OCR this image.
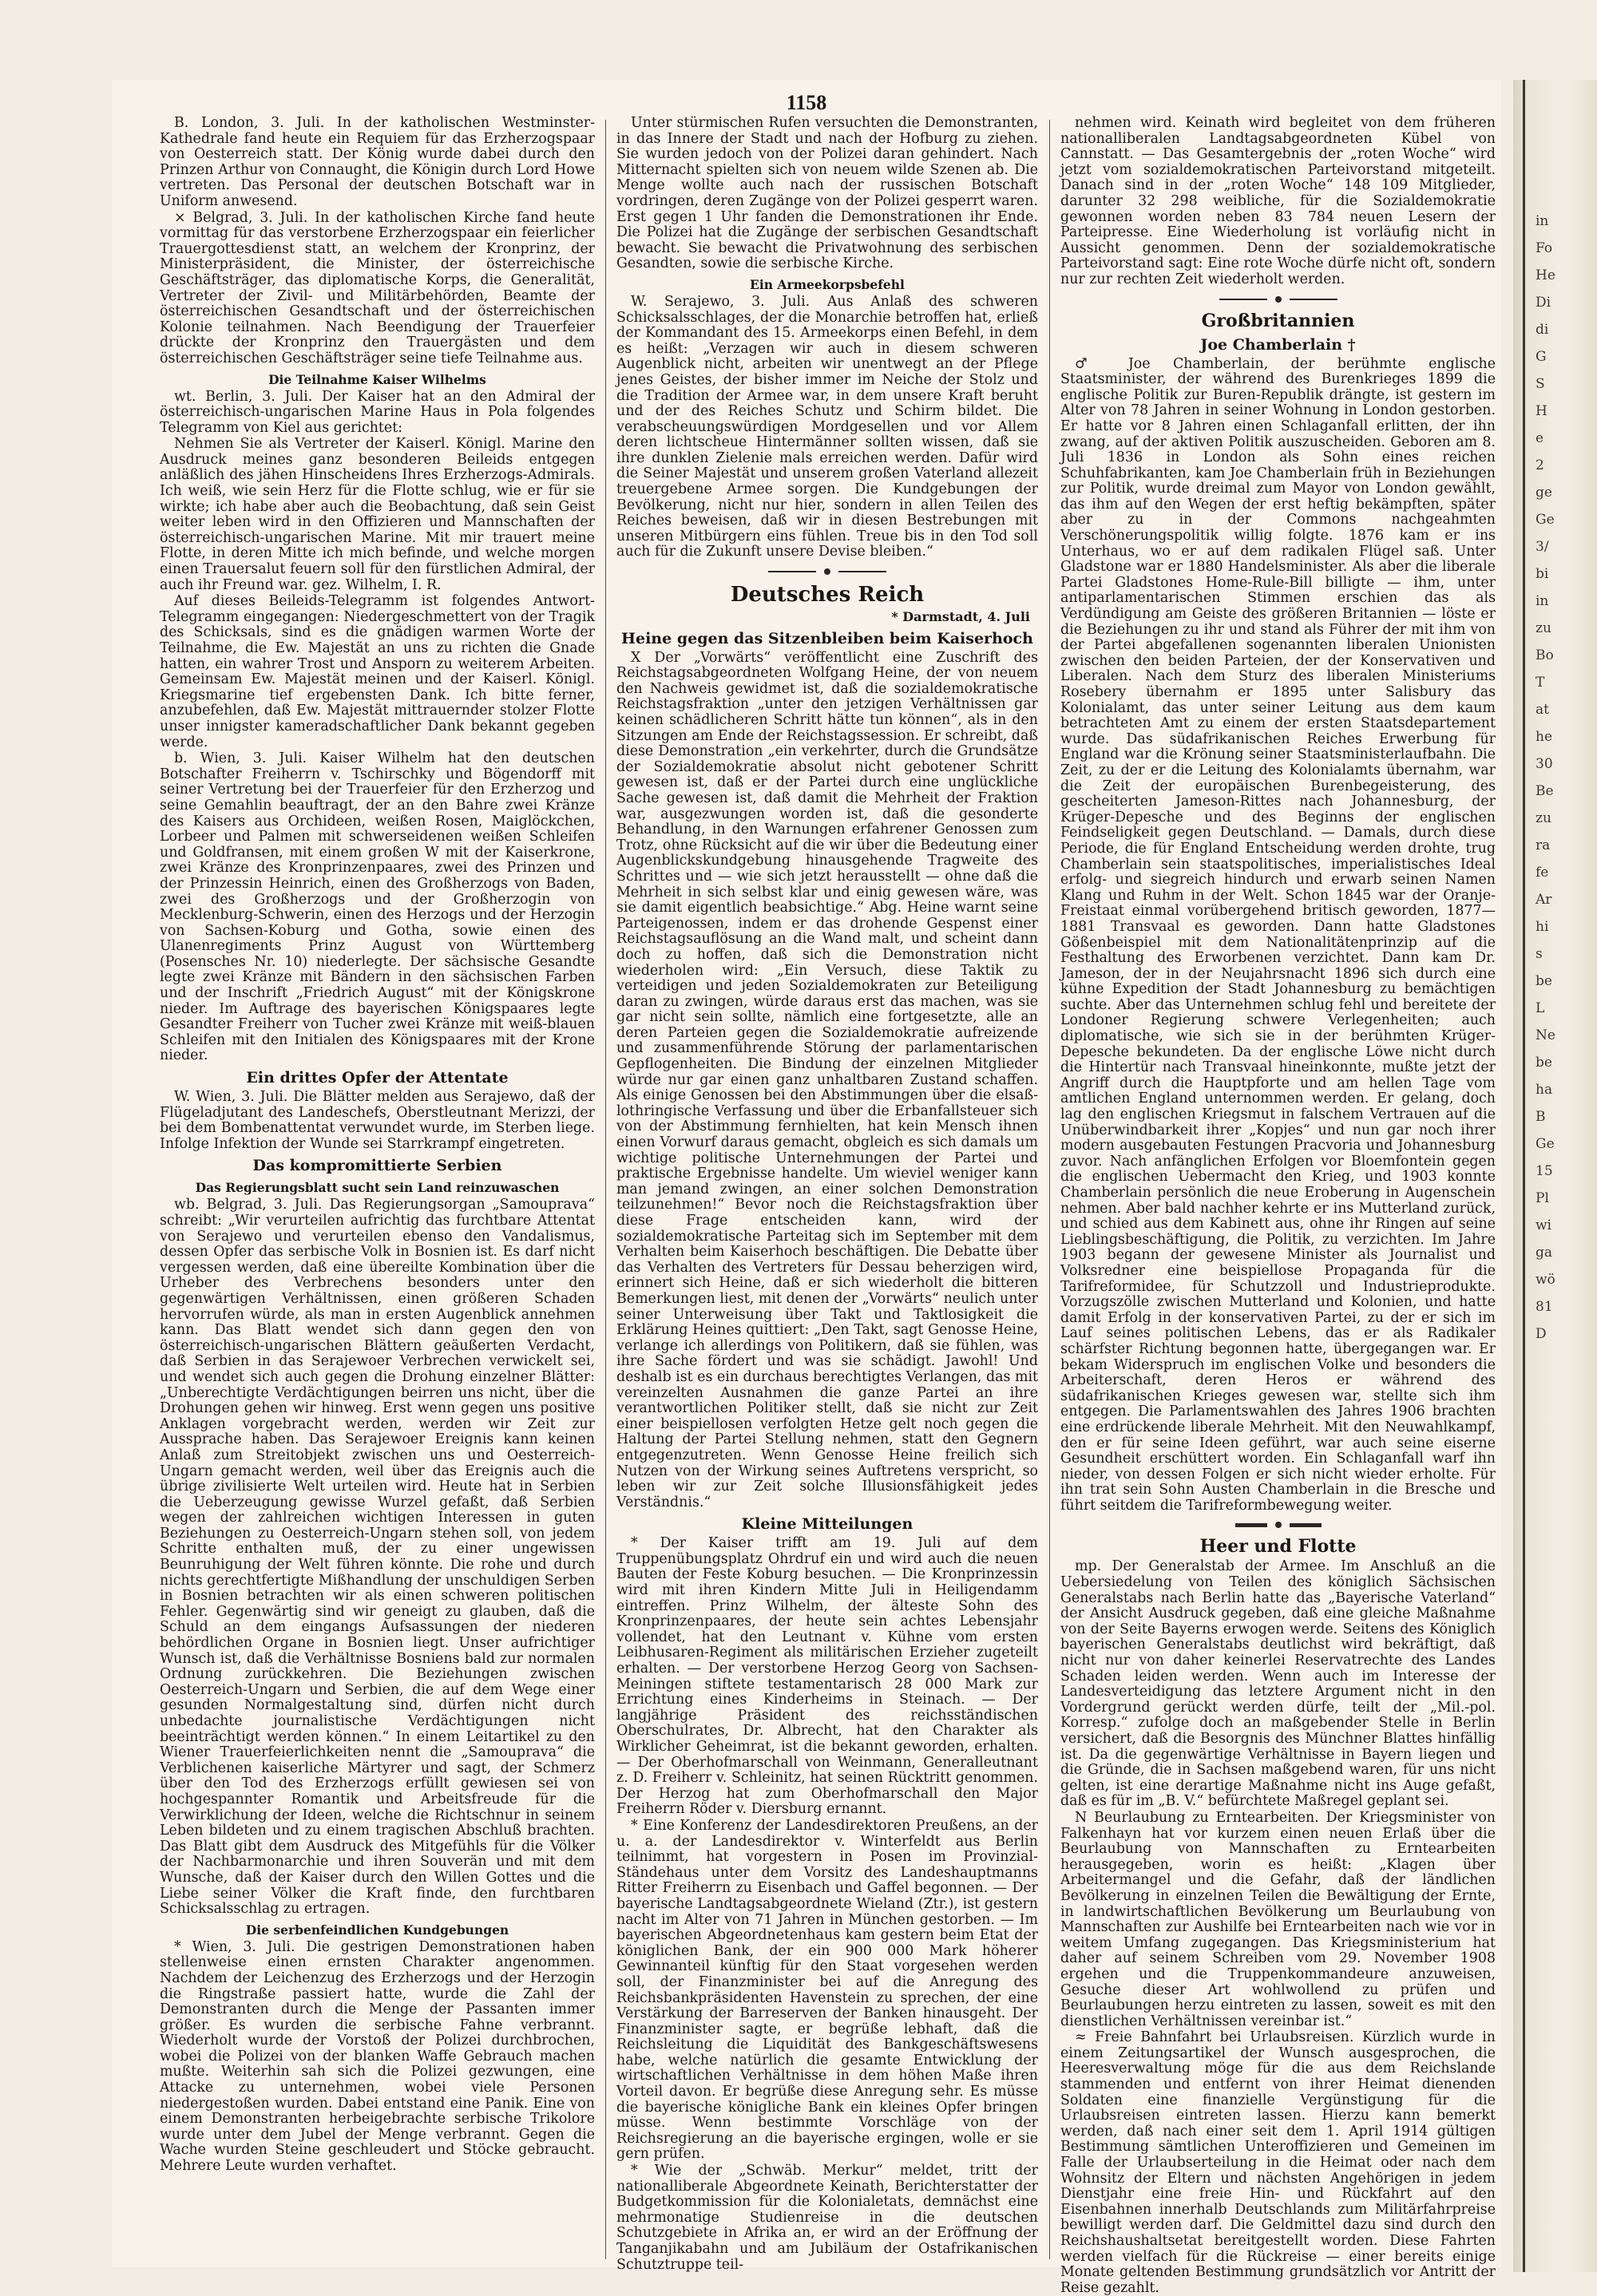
1158

B. London, 3. Juli. In der katholischen Westminster-Kathedrale fand heute ein Requiem für das Erzherzogspaar von Oesterreich statt. Der König wurde dabei durch den Prinzen Arthur von Connaught, die Königin durch Lord Howe vertreten. Das Personal der deutschen Botschaft war in Uniform anwesend.

× Belgrad, 3. Juli. In der katholischen Kirche fand heute vormittag für das verstorbene Erzherzogspaar ein feierlicher Trauergottesdienst statt, an welchem der Kronprinz, der Ministerpräsident, die Minister, der österreichische Geschäftsträger, das diplomatische Korps, die Generalität, Vertreter der Zivil- und Militärbehörden, Beamte der österreichischen Gesandtschaft und der österreichischen Kolonie teilnahmen. Nach Beendigung der Trauerfeier drückte der Kronprinz den Trauergästen und dem österreichischen Geschäftsträger seine tiefe Teilnahme aus.

Die Teilnahme Kaiser Wilhelms

wt. Berlin, 3. Juli. Der Kaiser hat an den Admiral der österreichisch-ungarischen Marine Haus in Pola folgendes Telegramm von Kiel aus gerichtet:

Nehmen Sie als Vertreter der Kaiserl. Königl. Marine den Ausdruck meines ganz besonderen Beileids entgegen anläßlich des jähen Hinscheidens Ihres Erzherzogs-Admirals. Ich weiß, wie sein Herz für die Flotte schlug, wie er für sie wirkte; ich habe aber auch die Beobachtung, daß sein Geist weiter leben wird in den Offizieren und Mannschaften der österreichisch-ungarischen Marine. Mit mir trauert meine Flotte, in deren Mitte ich mich befinde, und welche morgen einen Trauersalut feuern soll für den fürstlichen Admiral, der auch ihr Freund war. gez. Wilhelm, I. R.

Auf dieses Beileids-Telegramm ist folgendes Antwort-Telegramm eingegangen: Niedergeschmettert von der Tragik des Schicksals, sind es die gnädigen warmen Worte der Teilnahme, die Ew. Majestät an uns zu richten die Gnade hatten, ein wahrer Trost und Ansporn zu weiterem Arbeiten. Gemeinsam Ew. Majestät meinen und der Kaiserl. Königl. Kriegsmarine tief ergebensten Dank. Ich bitte ferner, anzubefehlen, daß Ew. Majestät mittrauernder stolzer Flotte unser innigster kameradschaftlicher Dank bekannt gegeben werde.

b. Wien, 3. Juli. Kaiser Wilhelm hat den deutschen Botschafter Freiherrn v. Tschirschky und Bögendorff mit seiner Vertretung bei der Trauerfeier für den Erzherzog und seine Gemahlin beauftragt, der an den Bahre zwei Kränze des Kaisers aus Orchideen, weißen Rosen, Maiglöckchen, Lorbeer und Palmen mit schwerseidenen weißen Schleifen und Goldfransen, mit einem großen W mit der Kaiserkrone, zwei Kränze des Kronprinzenpaares, zwei des Prinzen und der Prinzessin Heinrich, einen des Großherzogs von Baden, zwei des Großherzogs und der Großherzogin von Mecklenburg-Schwerin, einen des Herzogs und der Herzogin von Sachsen-Koburg und Gotha, sowie einen des Ulanenregiments Prinz August von Württemberg (Posensches Nr. 10) niederlegte. Der sächsische Gesandte legte zwei Kränze mit Bändern in den sächsischen Farben und der Inschrift „Friedrich August“ mit der Königskrone nieder. Im Auftrage des bayerischen Königspaares legte Gesandter Freiherr von Tucher zwei Kränze mit weiß-blauen Schleifen mit den Initialen des Königspaares mit der Krone nieder.

Ein drittes Opfer der Attentate

W. Wien, 3. Juli. Die Blätter melden aus Serajewo, daß der Flügeladjutant des Landeschefs, Oberstleutnant Merizzi, der bei dem Bombenattentat verwundet wurde, im Sterben liege. Infolge Infektion der Wunde sei Starrkrampf eingetreten.

Das kompromittierte Serbien
Das Regierungsblatt sucht sein Land reinzuwaschen

wb. Belgrad, 3. Juli. Das Regierungsorgan „Samouprava“ schreibt: „Wir verurteilen aufrichtig das furchtbare Attentat von Serajewo und verurteilen ebenso den Vandalismus, dessen Opfer das serbische Volk in Bosnien ist. Es darf nicht vergessen werden, daß eine übereilte Kombination über die Urheber des Verbrechens besonders unter den gegenwärtigen Verhältnissen, einen größeren Schaden hervorrufen würde, als man in ersten Augenblick annehmen kann. Das Blatt wendet sich dann gegen den von österreichisch-ungarischen Blättern geäußerten Verdacht, daß Serbien in das Serajewoer Verbrechen verwickelt sei, und wendet sich auch gegen die Drohung einzelner Blätter: „Unberechtigte Verdächtigungen beirren uns nicht, über die Drohungen gehen wir hinweg. Erst wenn gegen uns positive Anklagen vorgebracht werden, werden wir Zeit zur Aussprache haben. Das Serajewoer Ereignis kann keinen Anlaß zum Streitobjekt zwischen uns und Oesterreich-Ungarn gemacht werden, weil über das Ereignis auch die übrige zivilisierte Welt urteilen wird. Heute hat in Serbien die Ueberzeugung gewisse Wurzel gefaßt, daß Serbien wegen der zahlreichen wichtigen Interessen in guten Beziehungen zu Oesterreich-Ungarn stehen soll, von jedem Schritte enthalten muß, der zu einer ungewissen Beunruhigung der Welt führen könnte. Die rohe und durch nichts gerechtfertigte Mißhandlung der unschuldigen Serben in Bosnien betrachten wir als einen schweren politischen Fehler. Gegenwärtig sind wir geneigt zu glauben, daß die Schuld an dem eingangs Aufsassungen der niederen behördlichen Organe in Bosnien liegt. Unser aufrichtiger Wunsch ist, daß die Verhältnisse Bosniens bald zur normalen Ordnung zurückkehren. Die Beziehungen zwischen Oesterreich-Ungarn und Serbien, die auf dem Wege einer gesunden Normalgestaltung sind, dürfen nicht durch unbedachte journalistische Verdächtigungen nicht beeinträchtigt werden können.“ In einem Leitartikel zu den Wiener Trauerfeierlichkeiten nennt die „Samouprava“ die Verblichenen kaiserliche Märtyrer und sagt, der Schmerz über den Tod des Erzherzogs erfüllt gewiesen sei von hochgespannter Romantik und Arbeitsfreude für die Verwirklichung der Ideen, welche die Richtschnur in seinem Leben bildeten und zu einem tragischen Abschluß brachten. Das Blatt gibt dem Ausdruck des Mitgefühls für die Völker der Nachbarmonarchie und ihren Souverän und mit dem Wunsche, daß der Kaiser durch den Willen Gottes und die Liebe seiner Völker die Kraft finde, den furchtbaren Schicksalsschlag zu ertragen.

Die serbenfeindlichen Kundgebungen

* Wien, 3. Juli. Die gestrigen Demonstrationen haben stellenweise einen ernsten Charakter angenommen. Nachdem der Leichenzug des Erzherzogs und der Herzogin die Ringstraße passiert hatte, wurde die Zahl der Demonstranten durch die Menge der Passanten immer größer. Es wurden die serbische Fahne verbrannt. Wiederholt wurde der Vorstoß der Polizei durchbrochen, wobei die Polizei von der blanken Waffe Gebrauch machen mußte. Weiterhin sah sich die Polizei gezwungen, eine Attacke zu unternehmen, wobei viele Personen niedergestoßen wurden. Dabei entstand eine Panik. Eine von einem Demonstranten herbeigebrachte serbische Trikolore wurde unter dem Jubel der Menge verbrannt. Gegen die Wache wurden Steine geschleudert und Stöcke gebraucht. Mehrere Leute wurden verhaftet.

Unter stürmischen Rufen versuchten die Demonstranten, in das Innere der Stadt und nach der Hofburg zu ziehen. Sie wurden jedoch von der Polizei daran gehindert. Nach Mitternacht spielten sich von neuem wilde Szenen ab. Die Menge wollte auch nach der russischen Botschaft vordringen, deren Zugänge von der Polizei gesperrt waren. Erst gegen 1 Uhr fanden die Demonstrationen ihr Ende. Die Polizei hat die Zugänge der serbischen Gesandtschaft bewacht. Sie bewacht die Privatwohnung des serbischen Gesandten, sowie die serbische Kirche.

Ein Armeekorpsbefehl

W. Serajewo, 3. Juli. Aus Anlaß des schweren Schicksalsschlages, der die Monarchie betroffen hat, erließ der Kommandant des 15. Armeekorps einen Befehl, in dem es heißt: „Verzagen wir auch in diesem schweren Augenblick nicht, arbeiten wir unentwegt an der Pflege jenes Geistes, der bisher immer im Neiche der Stolz und die Tradition der Armee war, in dem unsere Kraft beruht und der des Reiches Schutz und Schirm bildet. Die verabscheuungswürdigen Mordgesellen und vor Allem deren lichtscheue Hintermänner sollten wissen, daß sie ihre dunklen Zielenie mals erreichen werden. Dafür wird die Seiner Majestät und unserem großen Vaterland allezeit treuergebene Armee sorgen. Die Kundgebungen der Bevölkerung, nicht nur hier, sondern in allen Teilen des Reiches beweisen, daß wir in diesen Bestrebungen mit unseren Mitbürgern eins fühlen. Treue bis in den Tod soll auch für die Zukunft unsere Devise bleiben.“

Deutsches Reich
* Darmstadt, 4. Juli
Heine gegen das Sitzenbleiben beim Kaiserhoch

X Der „Vorwärts“ veröffentlicht eine Zuschrift des Reichstagsabgeordneten Wolfgang Heine, der von neuem den Nachweis gewidmet ist, daß die sozialdemokratische Reichstagsfraktion „unter den jetzigen Verhältnissen gar keinen schädlicheren Schritt hätte tun können“, als in den Sitzungen am Ende der Reichstagssession. Er schreibt, daß diese Demonstration „ein verkehrter, durch die Grundsätze der Sozialdemokratie absolut nicht gebotener Schritt gewesen ist, daß er der Partei durch eine unglückliche Sache gewesen ist, daß damit die Mehrheit der Fraktion war, ausgezwungen worden ist, daß die gesonderte Behandlung, in den Warnungen erfahrener Genossen zum Trotz, ohne Rücksicht auf die wir über die Bedeutung einer Augenblickskundgebung hinausgehende Tragweite des Schrittes und — wie sich jetzt herausstellt — ohne daß die Mehrheit in sich selbst klar und einig gewesen wäre, was sie damit eigentlich beabsichtige.“ Abg. Heine warnt seine Parteigenossen, indem er das drohende Gespenst einer Reichstagsauflösung an die Wand malt, und scheint dann doch zu hoffen, daß sich die Demonstration nicht wiederholen wird: „Ein Versuch, diese Taktik zu verteidigen und jeden Sozialdemokraten zur Beteiligung daran zu zwingen, würde daraus erst das machen, was sie gar nicht sein sollte, nämlich eine fortgesetzte, alle an deren Parteien gegen die Sozialdemokratie aufreizende und zusammenführende Störung der parlamentarischen Gepflogenheiten. Die Bindung der einzelnen Mitglieder würde nur gar einen ganz unhaltbaren Zustand schaffen. Als einige Genossen bei den Abstimmungen über die elsaß-lothringische Verfassung und über die Erbanfallsteuer sich von der Abstimmung fernhielten, hat kein Mensch ihnen einen Vorwurf daraus gemacht, obgleich es sich damals um wichtige politische Unternehmungen der Partei und praktische Ergebnisse handelte. Um wieviel weniger kann man jemand zwingen, an einer solchen Demonstration teilzunehmen!“ Bevor noch die Reichstagsfraktion über diese Frage entscheiden kann, wird der sozialdemokratische Parteitag sich im September mit dem Verhalten beim Kaiserhoch beschäftigen. Die Debatte über das Verhalten des Vertreters für Dessau beherzigen wird, erinnert sich Heine, daß er sich wiederholt die bitteren Bemerkungen liest, mit denen der „Vorwärts“ neulich unter seiner Unterweisung über Takt und Taktlosigkeit die Erklärung Heines quittiert: „Den Takt, sagt Genosse Heine, verlange ich allerdings von Politikern, daß sie fühlen, was ihre Sache fördert und was sie schädigt. Jawohl! Und deshalb ist es ein durchaus berechtigtes Verlangen, das mit vereinzelten Ausnahmen die ganze Partei an ihre verantwortlichen Politiker stellt, daß sie nicht zur Zeit einer beispiellosen verfolgten Hetze gelt noch gegen die Haltung der Partei Stellung nehmen, statt den Gegnern entgegenzutreten. Wenn Genosse Heine freilich sich Nutzen von der Wirkung seines Auftretens verspricht, so leben wir zur Zeit solche Illusionsfähigkeit jedes Verständnis.“

Kleine Mitteilungen

* Der Kaiser trifft am 19. Juli auf dem Truppenübungsplatz Ohrdruf ein und wird auch die neuen Bauten der Feste Koburg besuchen. — Die Kronprinzessin wird mit ihren Kindern Mitte Juli in Heiligendamm eintreffen. Prinz Wilhelm, der älteste Sohn des Kronprinzenpaares, der heute sein achtes Lebensjahr vollendet, hat den Leutnant v. Kühne vom ersten Leibhusaren-Regiment als militärischen Erzieher zugeteilt erhalten. — Der verstorbene Herzog Georg von Sachsen-Meiningen stiftete testamentarisch 28 000 Mark zur Errichtung eines Kinderheims in Steinach. — Der langjährige Präsident des reichsständischen Oberschulrates, Dr. Albrecht, hat den Charakter als Wirklicher Geheimrat, ist die bekannt geworden, erhalten. — Der Oberhofmarschall von Weinmann, Generalleutnant z. D. Freiherr v. Schleinitz, hat seinen Rücktritt genommen. Der Herzog hat zum Oberhofmarschall den Major Freiherrn Röder v. Diersburg ernannt.

* Eine Konferenz der Landesdirektoren Preußens, an der u. a. der Landesdirektor v. Winterfeldt aus Berlin teilnimmt, hat vorgestern in Posen im Provinzial-Ständehaus unter dem Vorsitz des Landeshauptmanns Ritter Freiherrn zu Eisenbach und Gaffel begonnen. — Der bayerische Landtagsabgeordnete Wieland (Ztr.), ist gestern nacht im Alter von 71 Jahren in München gestorben. — Im bayerischen Abgeordnetenhaus kam gestern beim Etat der königlichen Bank, der ein 900 000 Mark höherer Gewinnanteil künftig für den Staat vorgesehen werden soll, der Finanzminister bei auf die Anregung des Reichsbankpräsidenten Havenstein zu sprechen, der eine Verstärkung der Barreserven der Banken hinausgeht. Der Finanzminister sagte, er begrüße lebhaft, daß die Reichsleitung die Liquidität des Bankgeschäftswesens habe, welche natürlich die gesamte Entwicklung der wirtschaftlichen Verhältnisse in dem höhen Maße ihren Vorteil davon. Er begrüße diese Anregung sehr. Es müsse die bayerische königliche Bank ein kleines Opfer bringen müsse. Wenn bestimmte Vorschläge von der Reichsregierung an die bayerische ergingen, wolle er sie gern prüfen.

* Wie der „Schwäb. Merkur“ meldet, tritt der nationalliberale Abgeordnete Keinath, Berichterstatter der Budgetkommission für die Kolonialetats, demnächst eine mehrmonatige Studienreise in die deutschen Schutzgebiete in Afrika an, er wird an der Eröffnung der Tanganjikabahn und am Jubiläum der Ostafrikanischen Schutztruppe teil-

nehmen wird. Keinath wird begleitet von dem früheren nationalliberalen Landtagsabgeordneten Kübel von Cannstatt. — Das Gesamtergebnis der „roten Woche“ wird jetzt vom sozialdemokratischen Parteivorstand mitgeteilt. Danach sind in der „roten Woche“ 148 109 Mitglieder, darunter 32 298 weibliche, für die Sozialdemokratie gewonnen worden neben 83 784 neuen Lesern der Parteipresse. Eine Wiederholung ist vorläufig nicht in Aussicht genommen. Denn der sozialdemokratische Parteivorstand sagt: Eine rote Woche dürfe nicht oft, sondern nur zur rechten Zeit wiederholt werden.

Großbritannien
Joe Chamberlain †

♂ Joe Chamberlain, der berühmte englische Staatsminister, der während des Burenkrieges 1899 die englische Politik zur Buren-Republik drängte, ist gestern im Alter von 78 Jahren in seiner Wohnung in London gestorben. Er hatte vor 8 Jahren einen Schlaganfall erlitten, der ihn zwang, auf der aktiven Politik auszuscheiden. Geboren am 8. Juli 1836 in London als Sohn eines reichen Schuhfabrikanten, kam Joe Chamberlain früh in Beziehungen zur Politik, wurde dreimal zum Mayor von London gewählt, das ihm auf den Wegen der erst heftig bekämpften, später aber zu in der Commons nachgeahmten Verschönerungspolitik willig folgte. 1876 kam er ins Unterhaus, wo er auf dem radikalen Flügel saß. Unter Gladstone war er 1880 Handelsminister. Als aber die liberale Partei Gladstones Home-Rule-Bill billigte — ihm, unter antiparlamentarischen Stimmen erschien das als Verdündigung am Geiste des größeren Britannien — löste er die Beziehungen zu ihr und stand als Führer der mit ihm von der Partei abgefallenen sogenannten liberalen Unionisten zwischen den beiden Parteien, der der Konservativen und Liberalen. Nach dem Sturz des liberalen Ministeriums Rosebery übernahm er 1895 unter Salisbury das Kolonialamt, das unter seiner Leitung aus dem kaum betrachteten Amt zu einem der ersten Staatsdepartement wurde. Das südafrikanischen Reiches Erwerbung für England war die Krönung seiner Staatsministerlaufbahn. Die Zeit, zu der er die Leitung des Kolonialamts übernahm, war die Zeit der europäischen Burenbegeisterung, des gescheiterten Jameson-Rittes nach Johannesburg, der Krüger-Depesche und des Beginns der englischen Feindseligkeit gegen Deutschland. — Damals, durch diese Periode, die für England Entscheidung werden drohte, trug Chamberlain sein staatspolitisches, imperialistisches Ideal erfolg- und siegreich hindurch und erwarb seinen Namen Klang und Ruhm in der Welt. Schon 1845 war der Oranje-Freistaat einmal vorübergehend britisch geworden, 1877—1881 Transvaal es geworden. Dann hatte Gladstones Gößenbeispiel mit dem Nationalitätenprinzip auf die Festhaltung des Erworbenen verzichtet. Dann kam Dr. Jameson, der in der Neujahrsnacht 1896 sich durch eine kühne Expedition der Stadt Johannesburg zu bemächtigen suchte. Aber das Unternehmen schlug fehl und bereitete der Londoner Regierung schwere Verlegenheiten; auch diplomatische, wie sich sie in der berühmten Krüger-Depesche bekundeten. Da der englische Löwe nicht durch die Hintertür nach Transvaal hineinkonnte, mußte jetzt der Angriff durch die Hauptpforte und am hellen Tage vom amtlichen England unternommen werden. Er gelang, doch lag den englischen Kriegsmut in falschem Vertrauen auf die Unüberwindbarkeit ihrer „Kopjes“ und nun gar noch ihrer modern ausgebauten Festungen Pracvoria und Johannesburg zuvor. Nach anfänglichen Erfolgen vor Bloemfontein gegen die englischen Uebermacht den Krieg, und 1903 konnte Chamberlain persönlich die neue Eroberung in Augenschein nehmen. Aber bald nachher kehrte er ins Mutterland zurück, und schied aus dem Kabinett aus, ohne ihr Ringen auf seine Lieblingsbeschäftigung, die Politik, zu verzichten. Im Jahre 1903 begann der gewesene Minister als Journalist und Volksredner eine beispiellose Propaganda für die Tarifreformidee, für Schutzzoll und Industrieprodukte. Vorzugszölle zwischen Mutterland und Kolonien, und hatte damit Erfolg in der konservativen Partei, zu der er sich im Lauf seines politischen Lebens, das er als Radikaler schärfster Richtung begonnen hatte, übergegangen war. Er bekam Widerspruch im englischen Volke und besonders die Arbeiterschaft, deren Heros er während des südafrikanischen Krieges gewesen war, stellte sich ihm entgegen. Die Parlamentswahlen des Jahres 1906 brachten eine erdrückende liberale Mehrheit. Mit den Neuwahlkampf, den er für seine Ideen geführt, war auch seine eiserne Gesundheit erschüttert worden. Ein Schlaganfall warf ihn nieder, von dessen Folgen er sich nicht wieder erholte. Für ihn trat sein Sohn Austen Chamberlain in die Bresche und führt seitdem die Tarifreformbewegung weiter.

Heer und Flotte

mp. Der Generalstab der Armee. Im Anschluß an die Uebersiedelung von Teilen des königlich Sächsischen Generalstabs nach Berlin hatte das „Bayerische Vaterland“ der Ansicht Ausdruck gegeben, daß eine gleiche Maßnahme von der Seite Bayerns erwogen werde. Seitens des Königlich bayerischen Generalstabs deutlichst wird bekräftigt, daß nicht nur von daher keinerlei Reservatrechte des Landes Schaden leiden werden. Wenn auch im Interesse der Landesverteidigung das letztere Argument nicht in den Vordergrund gerückt werden dürfe, teilt der „Mil.-pol. Korresp.“ zufolge doch an maßgebender Stelle in Berlin versichert, daß die Besorgnis des Münchner Blattes hinfällig ist. Da die gegenwärtige Verhältnisse in Bayern liegen und die Gründe, die in Sachsen maßgebend waren, für uns nicht gelten, ist eine derartige Maßnahme nicht ins Auge gefaßt, daß es für im „B. V.“ befürchtete Maßregel geplant sei.

N Beurlaubung zu Erntearbeiten. Der Kriegsminister von Falkenhayn hat vor kurzem einen neuen Erlaß über die Beurlaubung von Mannschaften zu Erntearbeiten herausgegeben, worin es heißt: „Klagen über Arbeitermangel und die Gefahr, daß der ländlichen Bevölkerung in einzelnen Teilen die Bewältigung der Ernte, in landwirtschaftlichen Bevölkerung um Beurlaubung von Mannschaften zur Aushilfe bei Erntearbeiten nach wie vor in weitem Umfang zugegangen. Das Kriegsministerium hat daher auf seinem Schreiben vom 29. November 1908 ergehen und die Truppenkommandeure anzuweisen, Gesuche dieser Art wohlwollend zu prüfen und Beurlaubungen herzu eintreten zu lassen, soweit es mit den dienstlichen Verhältnissen vereinbar ist.“

≈ Freie Bahnfahrt bei Urlaubsreisen. Kürzlich wurde in einem Zeitungsartikel der Wunsch ausgesprochen, die Heeresverwaltung möge für die aus dem Reichslande stammenden und entfernt von ihrer Heimat dienenden Soldaten eine finanzielle Vergünstigung für die Urlaubsreisen eintreten lassen. Hierzu kann bemerkt werden, daß nach einer seit dem 1. April 1914 gültigen Bestimmung sämtlichen Unteroffizieren und Gemeinen im Falle der Urlaubserteilung in die Heimat oder nach dem Wohnsitz der Eltern und nächsten Angehörigen in jedem Dienstjahr eine freie Hin- und Rückfahrt auf den Eisenbahnen innerhalb Deutschlands zum Militärfahrpreise bewilligt werden darf. Die Geldmittel dazu sind durch den Reichshaushaltsetat bereitgestellt worden. Diese Fahrten werden vielfach für die Rückreise — einer bereits einige Monate geltenden Bestimmung grundsätzlich vor Antritt der Reise gezahlt.

in
Fo
He
Di
di
G
S
H
e
2
ge
Ge
3/
bi
in
zu
Bo
T
at
he
30
Be
zu
ra
fe
Ar
hi
s
be
L
Ne
be
ha
B
Ge
15
Pl
wi
ga
wö
81
D
